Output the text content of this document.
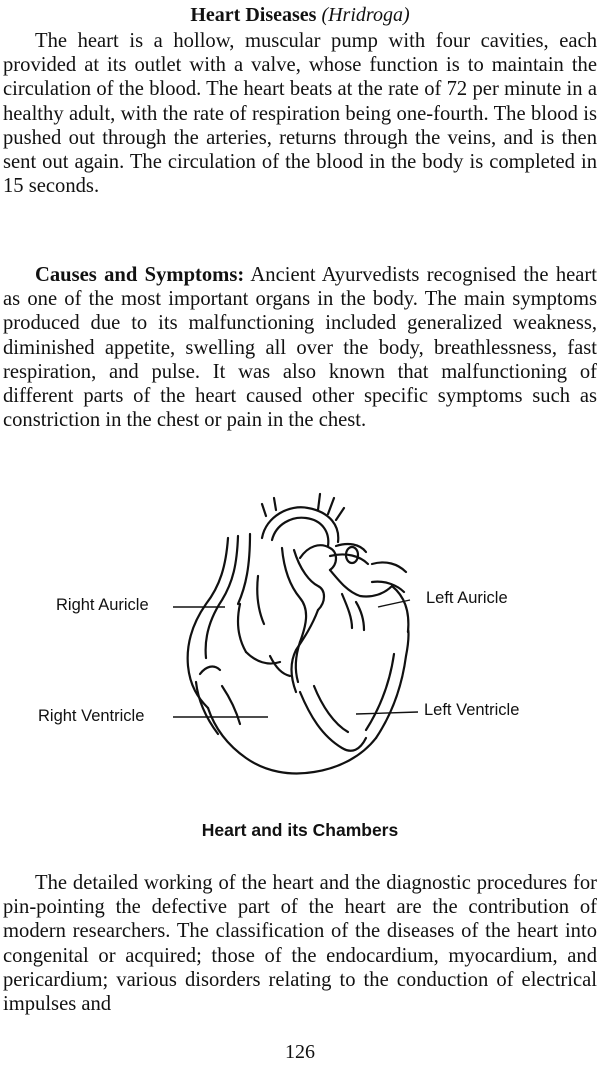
Heart Diseases (Hridroga)

The heart is a hollow, muscular pump with four cavities, each provided at its outlet with a valve, whose function is to maintain the circulation of the blood. The heart beats at the rate of 72 per minute in a healthy adult, with the rate of respiration being one-fourth. The blood is pushed out through the arteries, returns through the veins, and is then sent out again. The circulation of the blood in the body is completed in 15 seconds.

Causes and Symptoms: Ancient Ayurvedists recognised the heart as one of the most important organs in the body. The main symptoms produced due to its malfunctioning included generalized weakness, diminished appetite, swelling all over the body, breathlessness, fast respiration, and pulse. It was also known that malfunctioning of different parts of the heart caused other specific symptoms such as constriction in the chest or pain in the chest.

Right Auricle	Left Auricle
Right Ventricle	Left Ventricle
Heart and its Chambers

The detailed working of the heart and the diagnostic procedures for pin-pointing the defective part of the heart are the contribution of modern researchers. The classification of the diseases of the heart into congenital or acquired; those of the endocardium, myocardium, and pericardium; various disorders relating to the conduction of electrical impulses and

126
